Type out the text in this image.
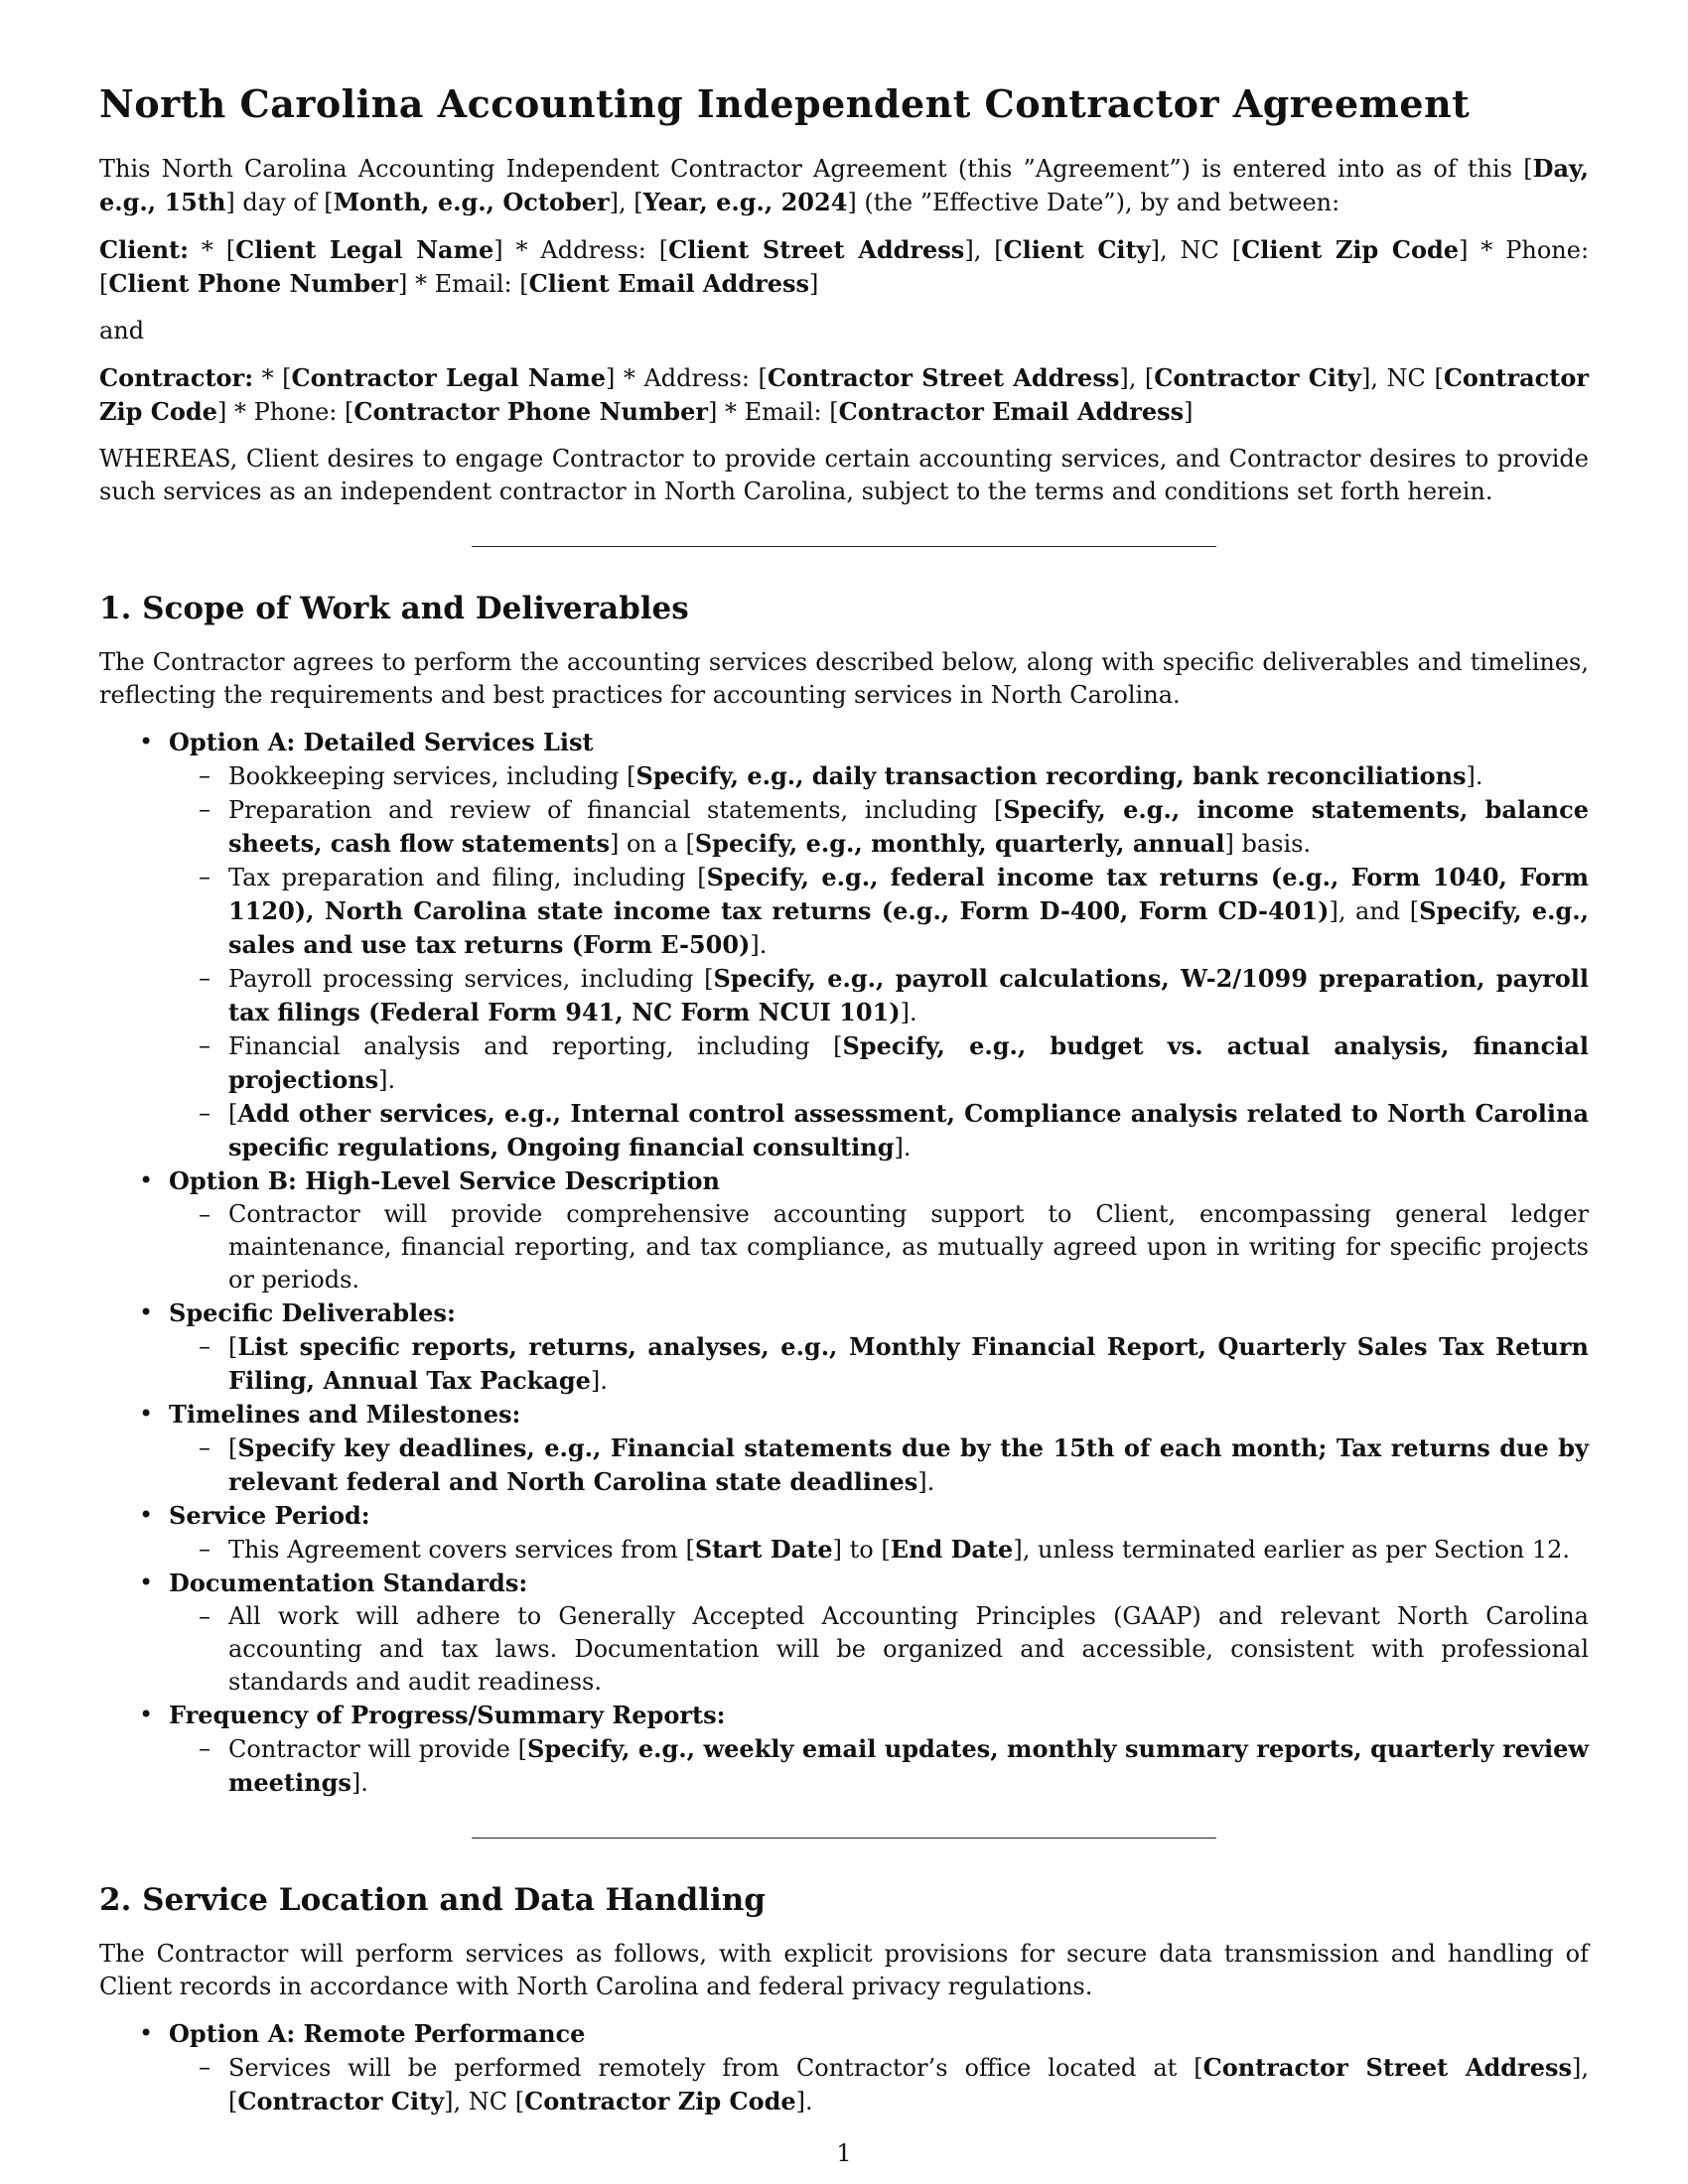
North Carolina Accounting Independent Contractor Agreement

This North Carolina Accounting Independent Contractor Agreement (this ”Agreement”) is entered into as of this [Day, e.g., 15th] day of [Month, e.g., October], [Year, e.g., 2024] (the ”Effective Date”), by and between:

Client: * [Client Legal Name] * Address: [Client Street Address], [Client City], NC [Client Zip Code] * Phone: [Client Phone Number] * Email: [Client Email Address]

and

Contractor: * [Contractor Legal Name] * Address: [Contractor Street Address], [Contractor City], NC [Contractor Zip Code] * Phone: [Contractor Phone Number] * Email: [Contractor Email Address]

WHEREAS, Client desires to engage Contractor to provide certain accounting services, and Contractor desires to provide such services as an independent contractor in North Carolina, subject to the terms and conditions set forth herein.

1. Scope of Work and Deliverables

The Contractor agrees to perform the accounting services described below, along with specific deliverables and timelines, reflecting the requirements and best practices for accounting services in North Carolina.

• Option A: Detailed Services List
– Bookkeeping services, including [Specify, e.g., daily transaction recording, bank reconciliations].
– Preparation and review of financial statements, including [Specify, e.g., income statements, balance sheets, cash flow statements] on a [Specify, e.g., monthly, quarterly, annual] basis.
– Tax preparation and filing, including [Specify, e.g., federal income tax returns (e.g., Form 1040, Form 1120), North Carolina state income tax returns (e.g., Form D-400, Form CD-401)], and [Specify, e.g., sales and use tax returns (Form E-500)].
– Payroll processing services, including [Specify, e.g., payroll calculations, W-2/1099 preparation, payroll tax filings (Federal Form 941, NC Form NCUI 101)].
– Financial analysis and reporting, including [Specify, e.g., budget vs. actual analysis, financial projections].
– [Add other services, e.g., Internal control assessment, Compliance analysis related to North Carolina specific regulations, Ongoing financial consulting].
• Option B: High-Level Service Description
– Contractor will provide comprehensive accounting support to Client, encompassing general ledger maintenance, financial reporting, and tax compliance, as mutually agreed upon in writing for specific projects or periods.
• Specific Deliverables:
– [List specific reports, returns, analyses, e.g., Monthly Financial Report, Quarterly Sales Tax Return Filing, Annual Tax Package].
• Timelines and Milestones:
– [Specify key deadlines, e.g., Financial statements due by the 15th of each month; Tax returns due by relevant federal and North Carolina state deadlines].
• Service Period:
– This Agreement covers services from [Start Date] to [End Date], unless terminated earlier as per Section 12.
• Documentation Standards:
– All work will adhere to Generally Accepted Accounting Principles (GAAP) and relevant North Carolina accounting and tax laws. Documentation will be organized and accessible, consistent with professional standards and audit readiness.
• Frequency of Progress/Summary Reports:
– Contractor will provide [Specify, e.g., weekly email updates, monthly summary reports, quarterly review meetings].
2. Service Location and Data Handling

The Contractor will perform services as follows, with explicit provisions for secure data transmission and handling of Client records in accordance with North Carolina and federal privacy regulations.

• Option A: Remote Performance
– Services will be performed remotely from Contractor’s office located at [Contractor Street Address], [Contractor City], NC [Contractor Zip Code].
1
